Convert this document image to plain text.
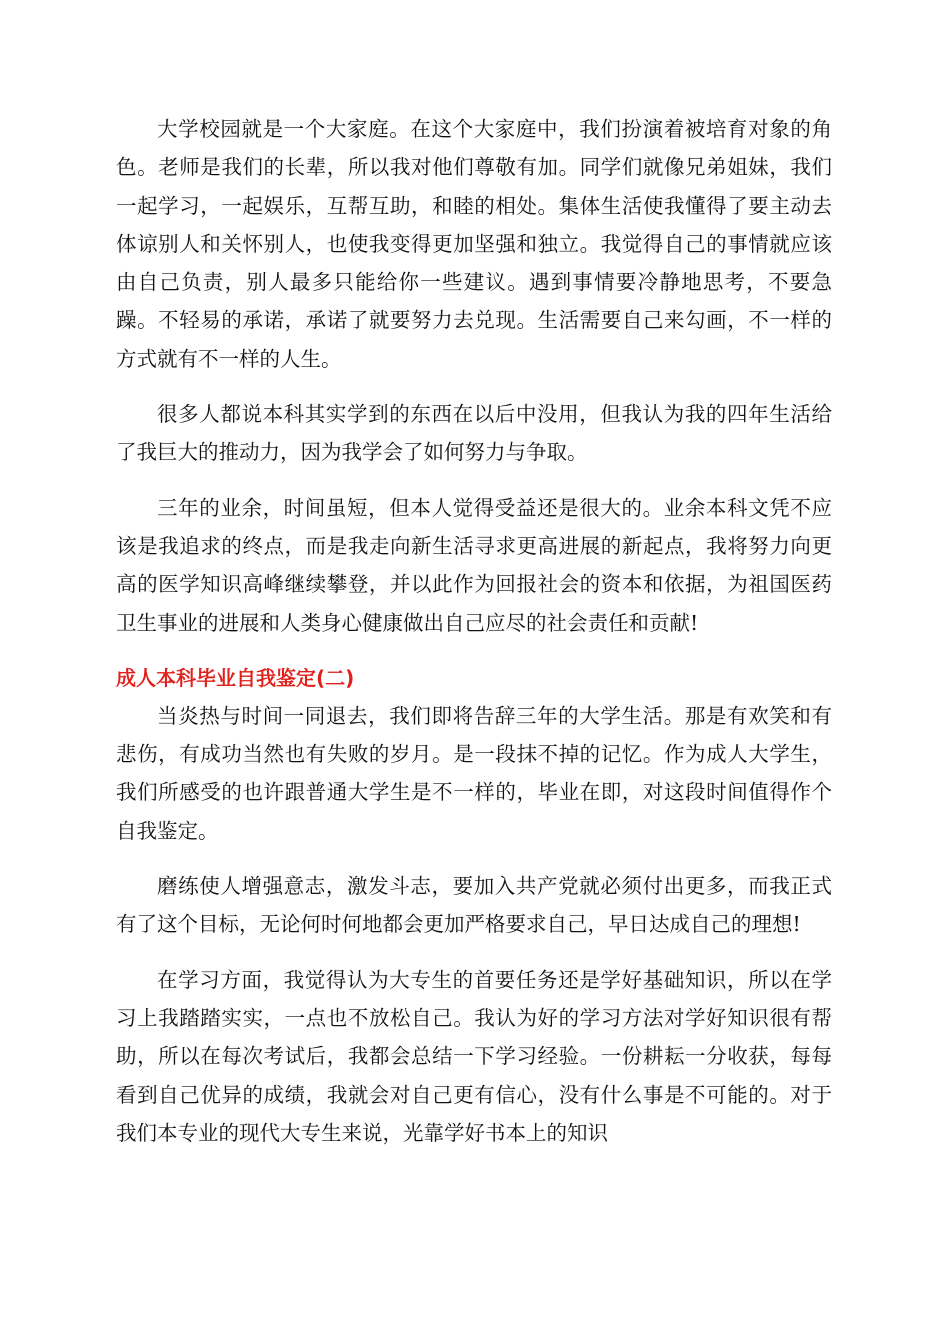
大学校园就是一个大家庭。在这个大家庭中，我们扮演着被培育对象的角色。老师是我们的长辈，所以我对他们尊敬有加。同学们就像兄弟姐妹，我们一起学习，一起娱乐，互帮互助，和睦的相处。集体生活使我懂得了要主动去体谅别人和关怀别人，也使我变得更加坚强和独立。我觉得自己的事情就应该由自己负责，别人最多只能给你一些建议。遇到事情要冷静地思考，不要急躁。不轻易的承诺，承诺了就要努力去兑现。生活需要自己来勾画，不一样的方式就有不一样的人生。

很多人都说本科其实学到的东西在以后中没用，但我认为我的四年生活给了我巨大的推动力，因为我学会了如何努力与争取。

三年的业余，时间虽短，但本人觉得受益还是很大的。业余本科文凭不应该是我追求的终点，而是我走向新生活寻求更高进展的新起点，我将努力向更高的医学知识高峰继续攀登，并以此作为回报社会的资本和依据，为祖国医药卫生事业的进展和人类身心健康做出自己应尽的社会责任和贡献!

成人本科毕业自我鉴定(二)

当炎热与时间一同退去，我们即将告辞三年的大学生活。那是有欢笑和有悲伤，有成功当然也有失败的岁月。是一段抹不掉的记忆。作为成人大学生，我们所感受的也许跟普通大学生是不一样的，毕业在即，对这段时间值得作个自我鉴定。

磨练使人增强意志，激发斗志，要加入共产党就必须付出更多，而我正式有了这个目标，无论何时何地都会更加严格要求自己，早日达成自己的理想!

在学习方面，我觉得认为大专生的首要任务还是学好基础知识，所以在学习上我踏踏实实，一点也不放松自己。我认为好的学习方法对学好知识很有帮助，所以在每次考试后，我都会总结一下学习经验。一份耕耘一分收获，每每看到自己优异的成绩，我就会对自己更有信心，没有什么事是不可能的。对于我们本专业的现代大专生来说，光靠学好书本上的知识
